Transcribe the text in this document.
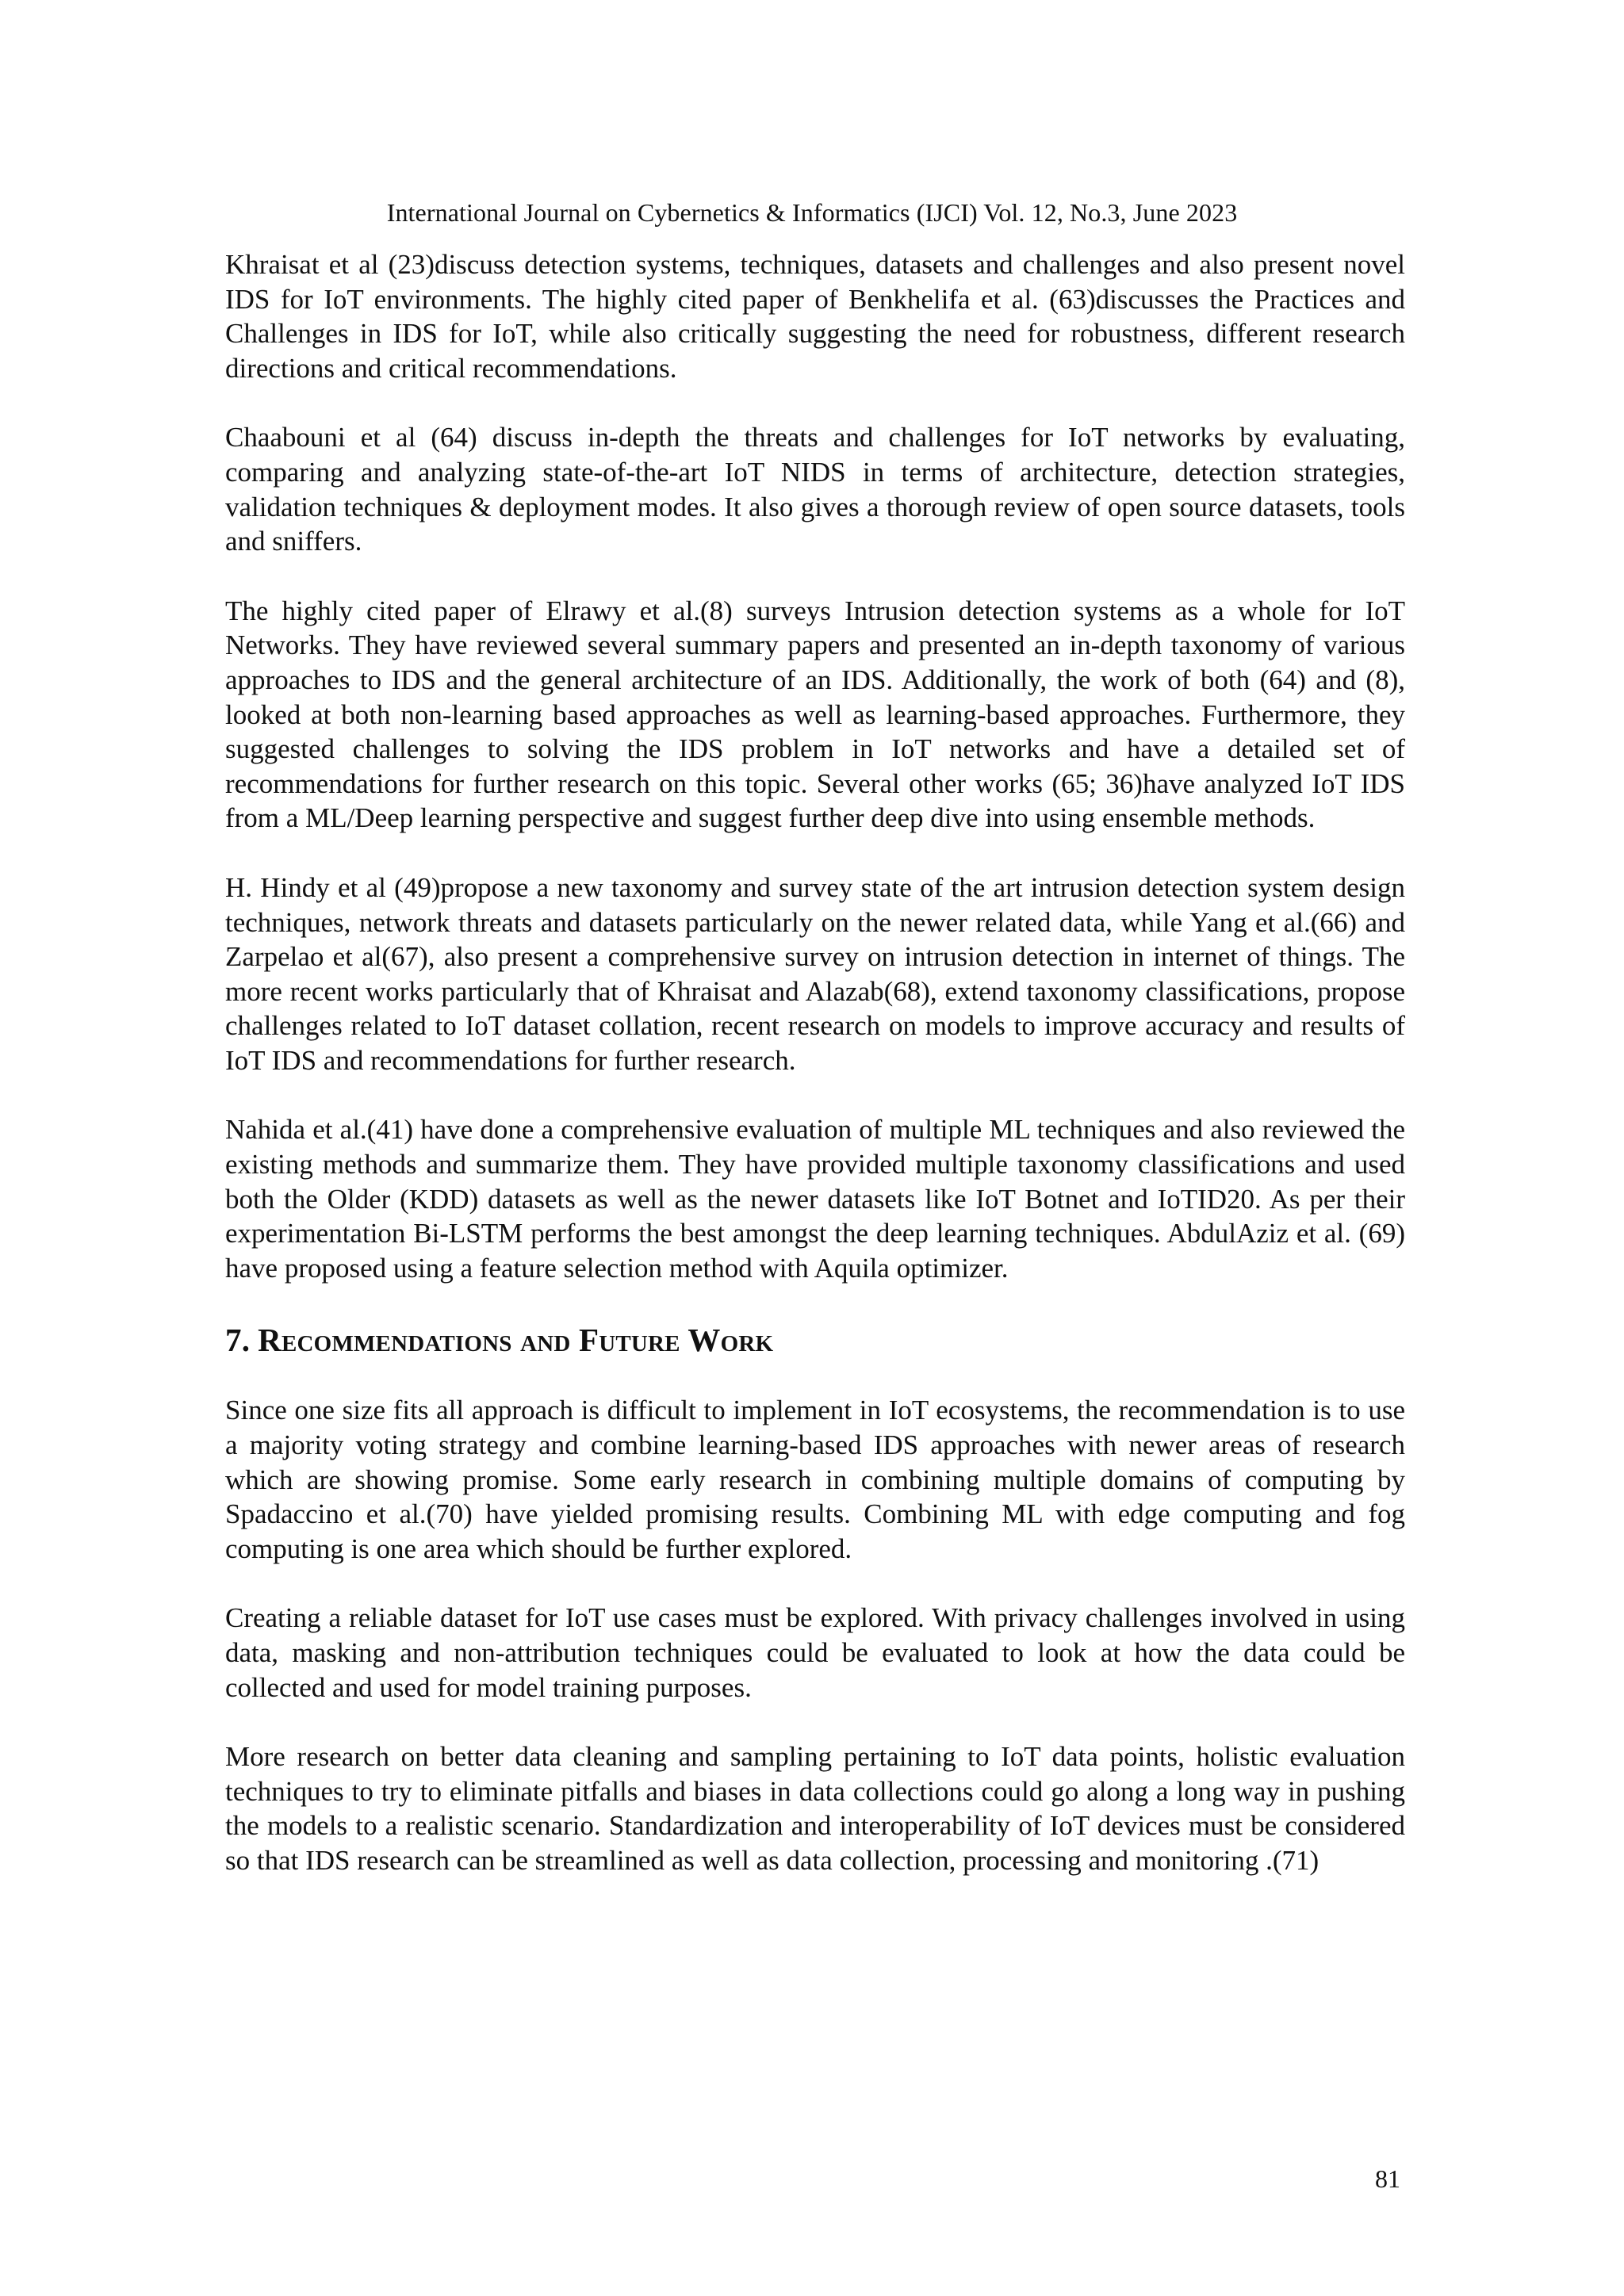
International Journal on Cybernetics & Informatics (IJCI) Vol. 12, No.3, June 2023

Khraisat et al (23)discuss detection systems, techniques, datasets and challenges and also present novel IDS for IoT environments. The highly cited paper of Benkhelifa et al. (63)discusses the Practices and Challenges in IDS for IoT, while also critically suggesting the need for robustness, different research directions and critical recommendations.

Chaabouni et al (64) discuss in-depth the threats and challenges for IoT networks by evaluating, comparing and analyzing state-of-the-art IoT NIDS in terms of architecture, detection strategies, validation techniques & deployment modes. It also gives a thorough review of open source datasets, tools and sniffers.

The highly cited paper of Elrawy et al.(8) surveys Intrusion detection systems as a whole for IoT Networks. They have reviewed several summary papers and presented an in-depth taxonomy of various approaches to IDS and the general architecture of an IDS. Additionally, the work of both (64) and (8), looked at both non-learning based approaches as well as learning-based approaches. Furthermore, they suggested challenges to solving the IDS problem in IoT networks and have a detailed set of recommendations for further research on this topic. Several other works (65; 36)have analyzed IoT IDS from a ML/Deep learning perspective and suggest further deep dive into using ensemble methods.

H. Hindy et al (49)propose a new taxonomy and survey state of the art intrusion detection system design techniques, network threats and datasets particularly on the newer related data, while Yang et al.(66) and Zarpelao et al(67), also present a comprehensive survey on intrusion detection in internet of things. The more recent works particularly that of Khraisat and Alazab(68), extend taxonomy classifications, propose challenges related to IoT dataset collation, recent research on models to improve accuracy and results of IoT IDS and recommendations for further research.

Nahida et al.(41) have done a comprehensive evaluation of multiple ML techniques and also reviewed the existing methods and summarize them. They have provided multiple taxonomy classifications and used both the Older (KDD) datasets as well as the newer datasets like IoT Botnet and IoTID20. As per their experimentation Bi-LSTM performs the best amongst the deep learning techniques. AbdulAziz et al. (69) have proposed using a feature selection method with Aquila optimizer.

7. Recommendations and Future Work

Since one size fits all approach is difficult to implement in IoT ecosystems, the recommendation is to use a majority voting strategy and combine learning-based IDS approaches with newer areas of research which are showing promise. Some early research in combining multiple domains of computing by Spadaccino et al.(70) have yielded promising results. Combining ML with edge computing and fog computing is one area which should be further explored.

Creating a reliable dataset for IoT use cases must be explored. With privacy challenges involved in using data, masking and non-attribution techniques could be evaluated to look at how the data could be collected and used for model training purposes.

More research on better data cleaning and sampling pertaining to IoT data points, holistic evaluation techniques to try to eliminate pitfalls and biases in data collections could go along a long way in pushing the models to a realistic scenario. Standardization and interoperability of IoT devices must be considered so that IDS research can be streamlined as well as data collection, processing and monitoring .(71)

81
